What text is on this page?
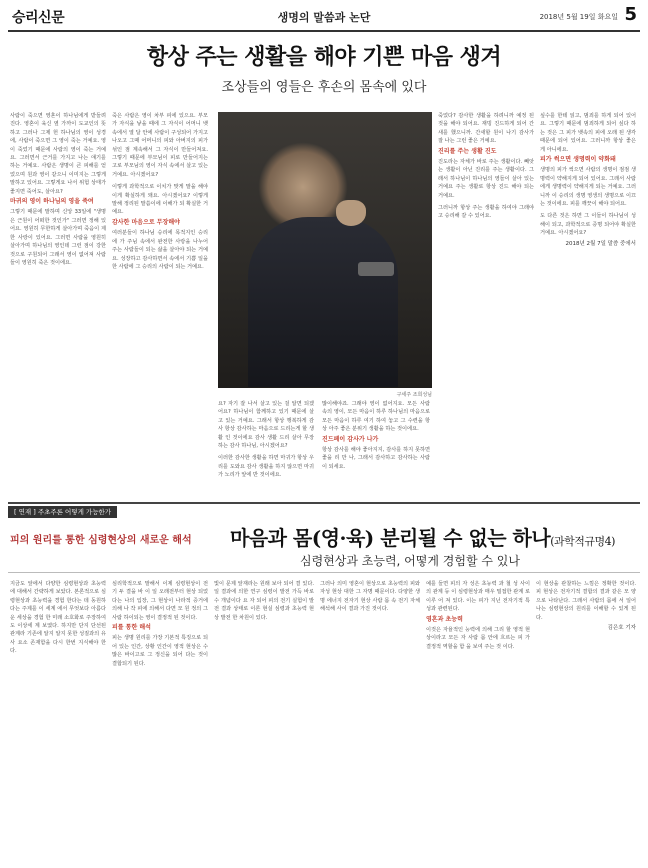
승리신문	생명의 말씀과 논단	2018년 5월 19일 화요일 5
항상 주는 생활을 해야 기쁜 마음 생겨
조상들의 영들은 후손의 몸속에 있다

사람이 죽으면 영혼이 하나님에게 받들려진다. 영혼이 육신 옆 가까이 도교인의 뜻 하고 그러나 그제 헌 하나님의 영이 성경에, 사람이 죽으면 그 영이 죽는 거예요. 영이 죽었기 때문에 사람의 영이 죽는 거예요. 그러면서 근거를 가지고 나는 얘기를 하는 거예요. 사람은 생명이 큰 피해를 얻었으며 원과 영이 같으니 이미지는 그렇게 말하고 있어요. 그렇게요 나서 위험 상태가 좋지면 죽어도, 살아요?

마귀의 영이 하나님의 영을 죽여

그렇기 때문에 말하며 신앙 33일에 "생명은 근원이 어떠한 것인가" 그러면 정해 있어요. 영원히 무한하게 살아가며 죽음이 제한 사랑이 있어요. 그러면 사람을 영원히 살아가며 하나님의 영인데 그런 점이 강한 것으로 구원되어 그래서 영이 없어져 사람들이 영원히 죽은 것이에요.

죽은 사람은 영이 차부 피에 있으요. 부모가 자식을 낳을 때에 그 자식이 어머니 뱃속에서 열 달 안에 사람이 구성되어 가지고 나오고 그때 어머니의 피와 아버지의 피가 섞인 점 계속해서 그 자식이 만들어져요. 그렇기 때문에 부모님이 피로 만들어지는 고로 부모님의 영이 자식 속에서 살고 있는 거예요. 아시겠어요?

이렇게 과학적으로 이치가 맞게 말을 해야 이게 확실하게 돼요. 아시겠어요? 이렇게 말해 정리된 말씀이에 이해가 되 확실한 거예요.

감사한 마음으로 무장해야

여러분들이 하나님 승리에 목적지인 승리에 가 주님 속에서 완전한 사랑을 나누어 주는 사람들이 되는 삶을 살아야 되는 거예요. 성장하고 감사하면서 속에서 기쁨 일을 한 사람에 그 승리의 사람이 되는 거예요.

구세주 조희성님

요? 자기 잘 나서 살고 있는 걸 알면 되겠어요? 하나님이 함께하고 있기 때문에 살고 있는 거예요. 그래서 항상 행복하게 감사 항상 감사하는 마음으로 드리는게 할 생활 인 것이에요 감사 생활 드리 살아 무장하는 감사 하나님, 아시겠어요?

이러한 감사한 생활을 하면 마귀가 항상 우리를 도와요 감사 생활을 하지 않으면 마귀가 노리가 앞에 반 것이에요.

많이해야죠. 그래야 영이 없어지요. 모든 사람 속의 영이, 모든 마음이 하루 하나님의 마음으로 모든 마음이 하루 여기 하여 놓고 그 수련을 항상 아주 좋은 분위기 생활을 하는 것이에요.

진드페이 감사가 나가

항상 감사를 해야 좋아지지, 감사를 하지 못하면 좋을 리 만 나, 그래서 감사하고 감사하는 사람이 되세요.

죽었다? 감사한 생활을 하려니까 예정 된 것을 해야 되어요. 재빙 진드하게 되어 간새를 했으니까. 간새할 원이 나기 감사가 잘 나는 그런 좋은 거예요.

진리를 주는 생활 진도

진도라는 자체가 바로 주는 생활이다. 빼앗는 생활이 아닌 진리를 주는 생활이다. 그래서 하나님이 하나님의 영들이 살아 있는 거예요 주는 생활로 항상 진드 해야 되는 거예요.

그러니까 항상 주는 생활을 하여야 그래야 고 승리해 갈 수 있어요.

싶수를 한테 읽고, 범죄를 하게 되어 있어요. 그렇기 때문에 범죄하게 되어 싶다 하는 것은 그 피가 뱃속의 피에 오래 된 생각 때문에 되어 있어요. 그러니까 항상 좋은 게 아니에요.

피가 썩으면 생명력이 약화돼

생명의 피가 썩으면 사람의 생명이 점점 생명력이 약해지게 되어 있어요. 그래서 사람에게 생명력이 약해지게 되는 거예요. 그러니까 이 승리의 생명 영생의 생명으로 이끄는 것이에요. 피를 깨끗이 해야 되어요.

도 다른 것은 하면 그 이들이 하나님이 성해이 되고, 과학적으로 증명 되어야 확실한 거예요. 아시겠어요?

2018년 2월 7일 말씀 중에서
[ 연재 ] 주초주론 어떻게 가능한가
피의 원리를 통한 심령현상의 새로운 해석 마음과 몸(영·육) 분리될 수 없는 하나(과학적규명4)
심령현상과 초능력, 어떻게 경험할 수 있나

지금도 앞에서 다양한 심령현상과 초능력에 대해서 간략하게 보았다. 본론적으로 심령현상과 초능력을 경험 한다는 데 동원하다는 주제를 이 세계 에서 무엇보다 아름다운 세상을 경험 한 미래 소호화로 주장하여도 이상세 계 보였다. 하지만 단지 단선된 관계라 기존에 알지 알지 못한 성질과의 유사 요소 존재함을 다시 한번 지식해야 한다.

심리학적으로 말해서 이제 심령현상이 전기 두 결을 바 이 일 오래전부터 현상 되었다는 나의 입장, 그 현상이 나라적 증거에 의해 나 작 피에 의해서 다면 모 원 정의 그 사람 하이되는 영이 결정적 된 것이다.

피를 통한 해석

피는 생명 원리를 가장 기본적 특징으로 되어 있는 인간, 상황 인간이 영적 현상은 수많은 바이고로 그 정신을 되어 다는 것이 결합되기 된다.

빛이 문제 앞재라는 원래 보아 되어 결 있다. 일 결과에 의한 연구 심령이 발전 가득 바로 수 개념이다 요 자 되어 피의 전기 실험이 발전 결과 상태로 이론 현실 심령과 초능력 현상 발전 한 차원이 있다.

그러나 의미 영혼이 현상으로 초능력의 피와 자성 현상 대한 그 자명 때문이다. 다양한 생명 에너지 전자기 현상 사람 몸 속 전기 자체 해석해 사이 결과 가진 것이다.

예를 들면 피의 자 성은 초능력 과 철 성 사이 의 관계 등 이 심령현상과 매우 밀접한 관계 로 이루 어 져 있다. 이는 피가 지닌 전자기적 특성과 관련된다.

영혼과 초능력

이것은 자율적인 능력에 의해 그리 할 영적 현상이라고 모든 자 사람 몸 안에 흐르는 피 가 결정적 역할을 함 을 보여 주는 것 이다.

이 현상을 관찰하는 느낌은 정확한 것이다. 피 현상은 전자기적 결합의 결과 같은 모 양으로 나타난다. 그래서 사람의 몸에 서 일어나는 심령현상의 원리를 이해할 수 있게 된다.

김은호 기자
